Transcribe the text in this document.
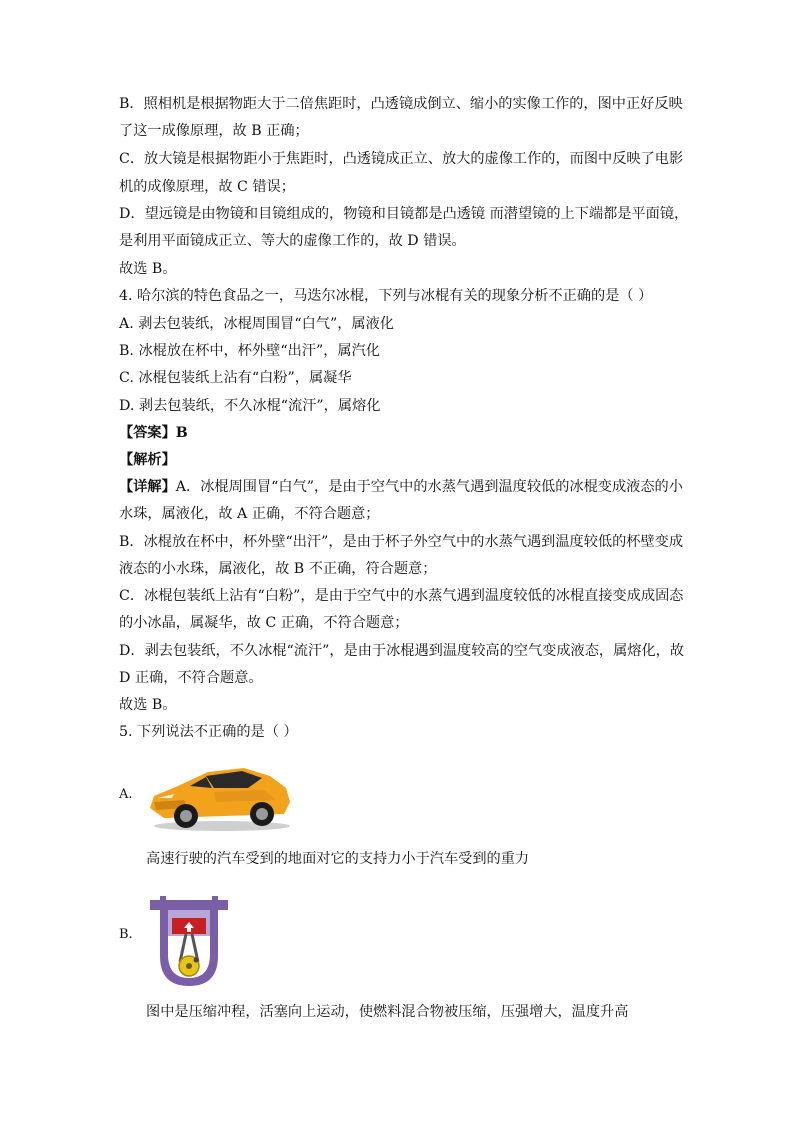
B．照相机是根据物距大于二倍焦距时，凸透镜成倒立、缩小的实像工作的，图中正好反映
了这一成像原理，故 B 正确；
C．放大镜是根据物距小于焦距时，凸透镜成正立、放大的虚像工作的，而图中反映了电影
机的成像原理，故 C 错误；
D．望远镜是由物镜和目镜组成的，物镜和目镜都是凸透镜 而潜望镜的上下端都是平面镜，
是利用平面镜成正立、等大的虚像工作的，故 D 错误。
故选 B。
4. 哈尔滨的特色食品之一，马迭尔冰棍，下列与冰棍有关的现象分析不正确的是（ ）
A. 剥去包装纸，冰棍周围冒“白气”，属液化
B. 冰棍放在杯中，杯外壁“出汗”，属汽化
C. 冰棍包装纸上沾有“白粉”，属凝华
D. 剥去包装纸，不久冰棍“流汗”，属熔化
【答案】B
【解析】
【详解】A．冰棍周围冒“白气”，是由于空气中的水蒸气遇到温度较低的冰棍变成液态的小
水珠，属液化，故 A 正确，不符合题意；
B．冰棍放在杯中，杯外壁“出汗”，是由于杯子外空气中的水蒸气遇到温度较低的杯壁变成
液态的小水珠，属液化，故 B 不正确，符合题意；
C．冰棍包装纸上沾有“白粉”，是由于空气中的水蒸气遇到温度较低的冰棍直接变成成固态
的小冰晶，属凝华，故 C 正确，不符合题意；
D．剥去包装纸，不久冰棍“流汗”，是由于冰棍遇到温度较高的空气变成液态，属熔化，故
D 正确，不符合题意。
故选 B。
5. 下列说法不正确的是（ ）
A.
高速行驶的汽车受到的地面对它的支持力小于汽车受到的重力
B.
图中是压缩冲程，活塞向上运动，使燃料混合物被压缩，压强增大，温度升高
